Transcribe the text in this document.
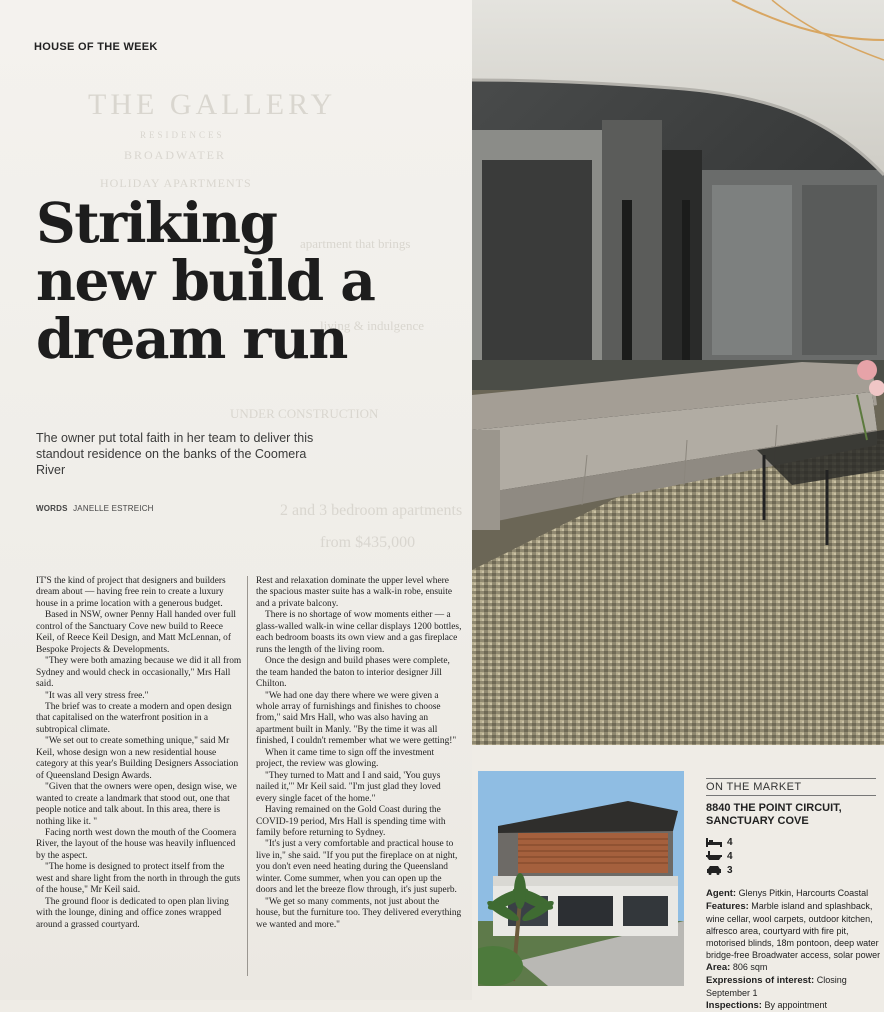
THE GALLERY
RESIDENCES
BROADWATER
HOLIDAY APARTMENTS
apartment that brings
living & indulgence
UNDER CONSTRUCTION
2 and 3 bedroom apartments
from $435,000
HOUSE OF THE WEEK
Striking
new build a
dream run

The owner put total faith in her team to deliver this standout residence on the banks of the Coomera River

WORDS JANELLE ESTREICH

IT'S the kind of project that designers and builders dream about — having free rein to create a luxury house in a prime location with a generous budget.

Based in NSW, owner Penny Hall handed over full control of the Sanctuary Cove new build to Reece Keil, of Reece Keil Design, and Matt McLennan, of Bespoke Projects & Developments.

"They were both amazing because we did it all from Sydney and would check in occasionally," Mrs Hall said.

"It was all very stress free."

The brief was to create a modern and open design that capitalised on the waterfront position in a subtropical climate.

"We set out to create something unique," said Mr Keil, whose design won a new residential house category at this year's Building Designers Association of Queensland Design Awards.

"Given that the owners were open, design wise, we wanted to create a landmark that stood out, one that people notice and talk about. In this area, there is nothing like it. "

Facing north west down the mouth of the Coomera River, the layout of the house was heavily influenced by the aspect.

"The home is designed to protect itself from the west and share light from the north in through the guts of the house," Mr Keil said.

The ground floor is dedicated to open plan living with the lounge, dining and office zones wrapped around a grassed courtyard.

Rest and relaxation dominate the upper level where the spacious master suite has a walk-in robe, ensuite and a private balcony.

There is no shortage of wow moments either — a glass-walled walk-in wine cellar displays 1200 bottles, each bedroom boasts its own view and a gas fireplace runs the length of the living room.

Once the design and build phases were complete, the team handed the baton to interior designer Jill Chilton.

"We had one day there where we were given a whole array of furnishings and finishes to choose from," said Mrs Hall, who was also having an apartment built in Manly. "By the time it was all finished, I couldn't remember what we were getting!"

When it came time to sign off the investment project, the review was glowing.

"They turned to Matt and I and said, 'You guys nailed it,'" Mr Keil said. "I'm just glad they loved every single facet of the home."

Having remained on the Gold Coast during the COVID-19 period, Mrs Hall is spending time with family before returning to Sydney.

"It's just a very comfortable and practical house to live in," she said. "If you put the fireplace on at night, you don't even need heating during the Queensland winter. Come summer, when you can open up the doors and let the breeze flow through, it's just superb.

"We get so many comments, not just about the house, but the furniture too. They delivered everything we wanted and more."

ON THE MARKET
8840 THE POINT CIRCUIT,
SANCTUARY COVE
4
4
3
Agent: Glenys Pitkin, Harcourts Coastal
Features: Marble island and splashback, wine cellar, wool carpets, outdoor kitchen, alfresco area, courtyard with fire pit, motorised blinds, 18m pontoon, deep water bridge-free Broadwater access, solar power
Area: 806 sqm
Expressions of interest: Closing September 1
Inspections: By appointment
